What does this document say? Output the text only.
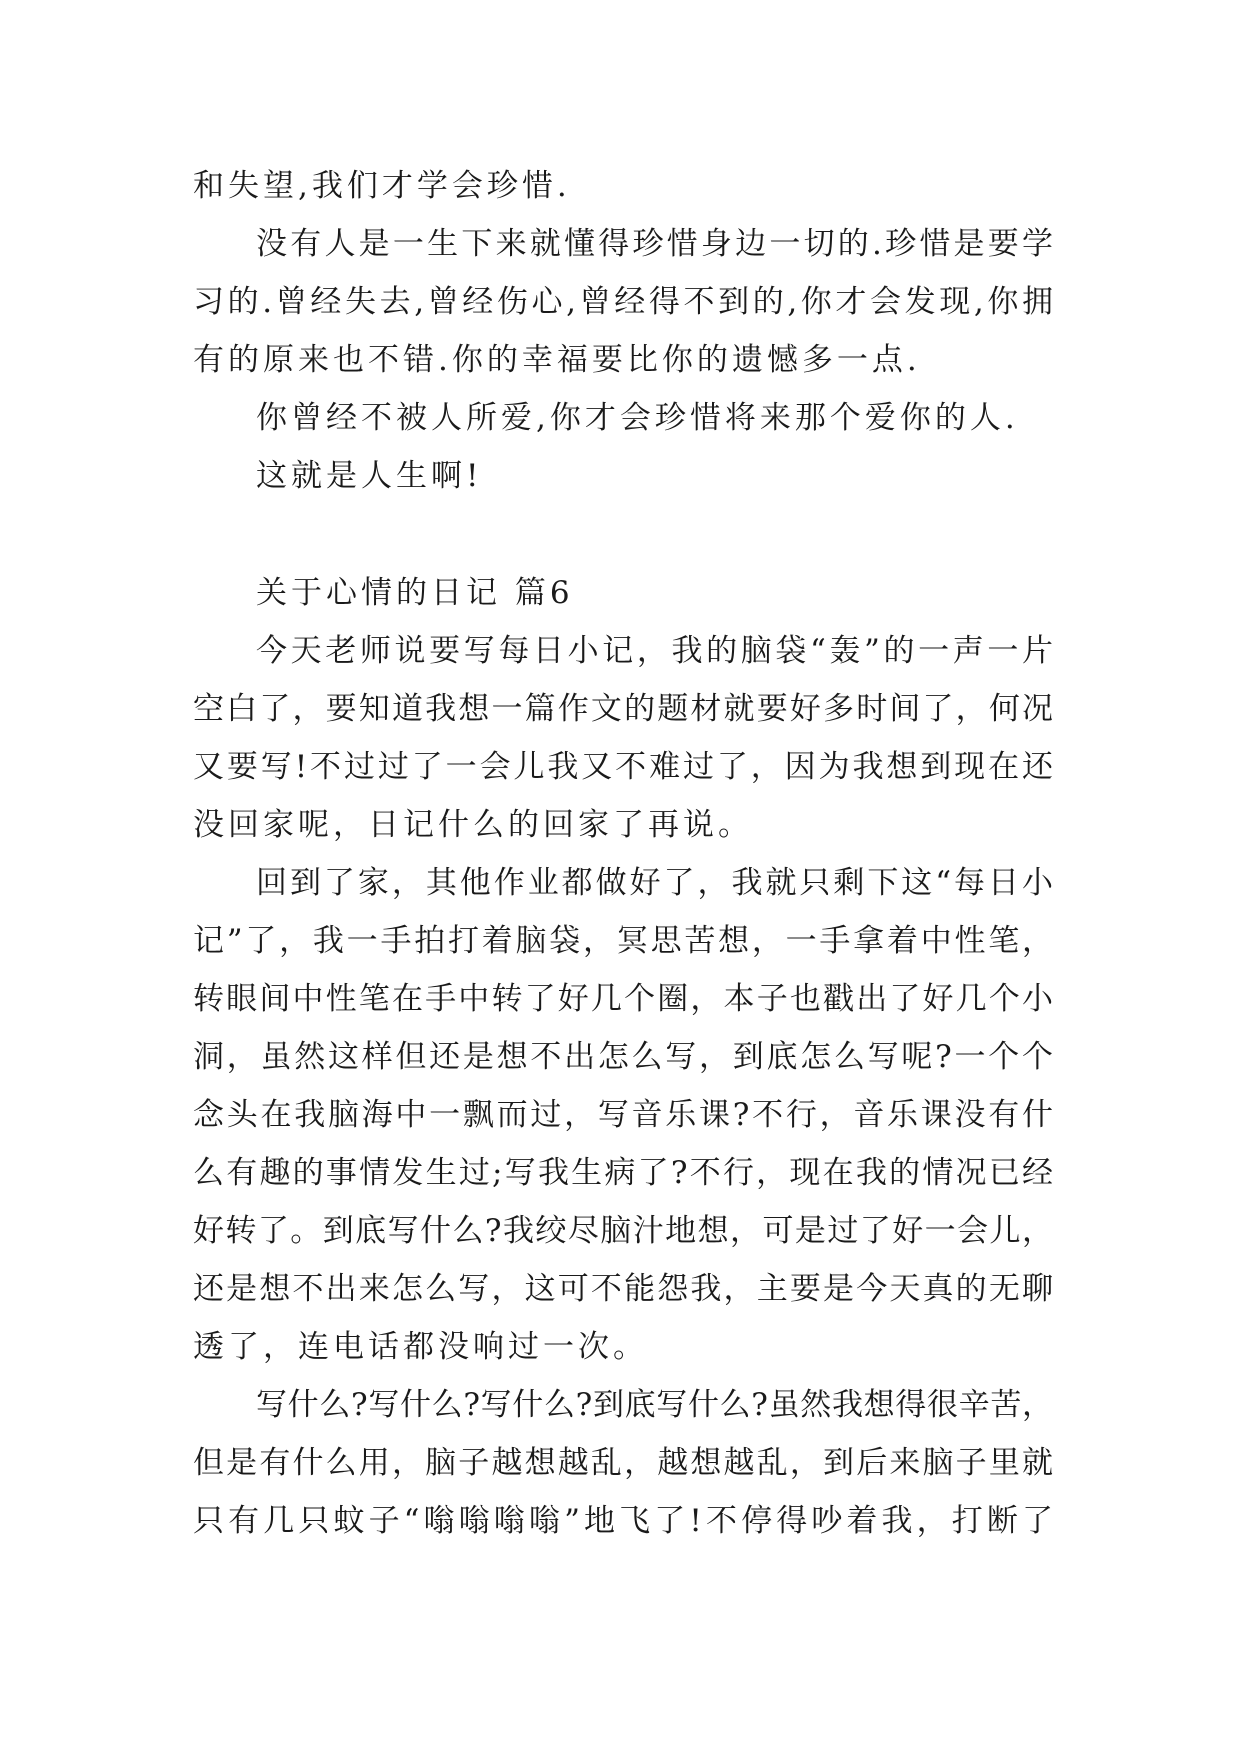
和失望,我们才学会珍惜.

没有人是一生下来就懂得珍惜身边一切的.珍惜是要学

习的.曾经失去,曾经伤心,曾经得不到的,你才会发现,你拥

有的原来也不错.你的幸福要比你的遗憾多一点.

你曾经不被人所爱,你才会珍惜将来那个爱你的人.

这就是人生啊!

关于心情的日记 篇6

今天老师说要写每日小记，我的脑袋“轰”的一声一片

空白了，要知道我想一篇作文的题材就要好多时间了，何况

又要写!不过过了一会儿我又不难过了，因为我想到现在还

没回家呢，日记什么的回家了再说。

回到了家，其他作业都做好了，我就只剩下这“每日小

记”了，我一手拍打着脑袋，冥思苦想，一手拿着中性笔，

转眼间中性笔在手中转了好几个圈，本子也戳出了好几个小

洞，虽然这样但还是想不出怎么写，到底怎么写呢?一个个

念头在我脑海中一飘而过，写音乐课?不行，音乐课没有什

么有趣的事情发生过;写我生病了?不行，现在我的情况已经

好转了。到底写什么?我绞尽脑汁地想，可是过了好一会儿，

还是想不出来怎么写，这可不能怨我，主要是今天真的无聊

透了，连电话都没响过一次。

写什么?写什么?写什么?到底写什么?虽然我想得很辛苦，

但是有什么用，脑子越想越乱，越想越乱，到后来脑子里就

只有几只蚊子“嗡嗡嗡嗡”地飞了!不停得吵着我，打断了
